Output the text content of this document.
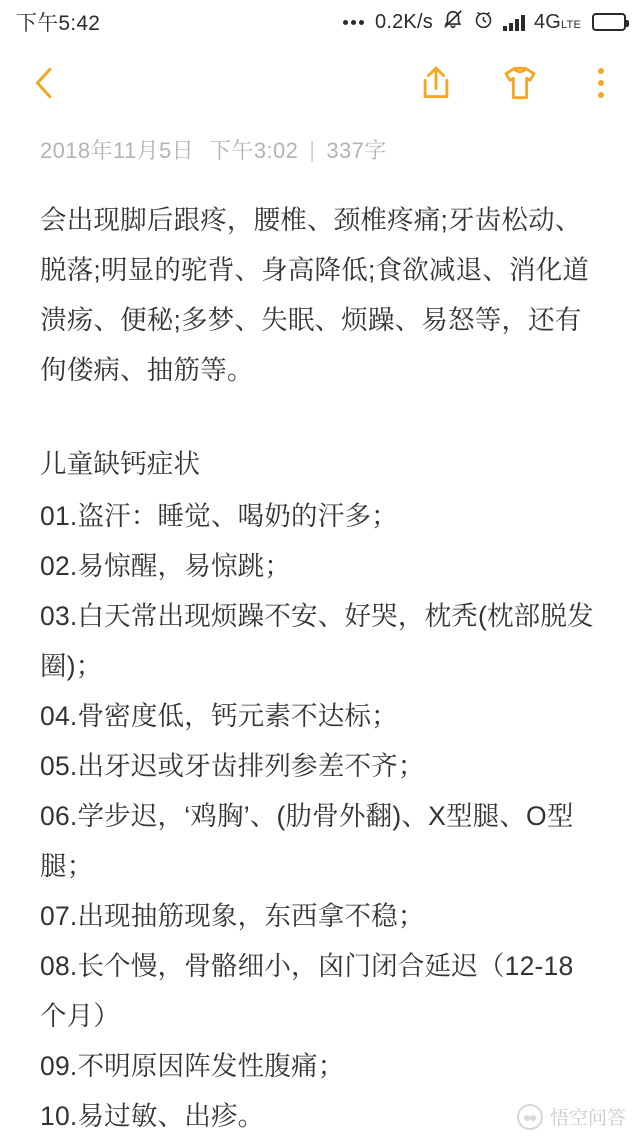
下午5:42	0.2K/s	4GLTE
2018年11月5日 下午3:02 | 337字
会出现脚后跟疼，腰椎、颈椎疼痛;牙齿松动、脱落;明显的驼背、身高降低;食欲减退、消化道溃疡、便秘;多梦、失眠、烦躁、易怒等，还有佝偻病、抽筋等。
儿童缺钙症状
01.盗汗：睡觉、喝奶的汗多；
02.易惊醒，易惊跳；
03.白天常出现烦躁不安、好哭，枕秃(枕部脱发圈)；
04.骨密度低，钙元素不达标；
05.出牙迟或牙齿排列参差不齐；
06.学步迟，‘鸡胸’、(肋骨外翻)、X型腿、O型腿；
07.出现抽筋现象，东西拿不稳；
08.长个慢，骨骼细小，囟门闭合延迟（12-18个月）
09.不明原因阵发性腹痛；
10.易过敏、出疹。	悟空问答
